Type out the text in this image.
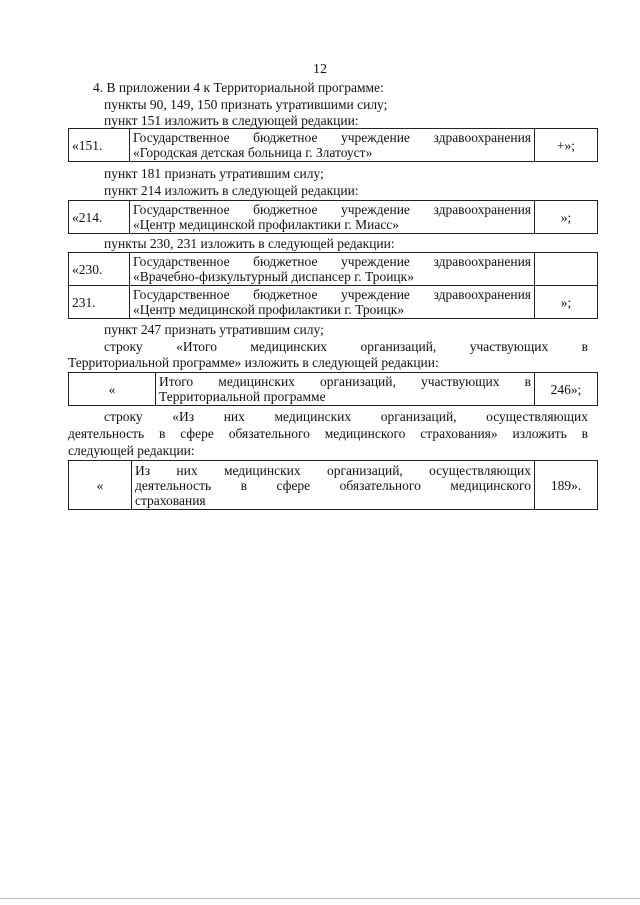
12
4. В приложении 4 к Территориальной программе:
пункты 90, 149, 150 признать утратившими силу;
пункт 151 изложить в следующей редакции:
«151.	Государственное бюджетное учреждение здравоохранения
«Городская детская больница г. Златоуст»	+»;
пункт 181 признать утратившим силу;
пункт 214 изложить в следующей редакции:
«214.	Государственное бюджетное учреждение здравоохранения
«Центр медицинской профилактики г. Миасс»	»;
пункты 230, 231 изложить в следующей редакции:
«230.	Государственное бюджетное учреждение здравоохранения
«Врачебно-физкультурный диспансер г. Троицк»	
231.	Государственное бюджетное учреждение здравоохранения
«Центр медицинской профилактики г. Троицк»	»;
пункт 247 признать утратившим силу;
строку «Итого медицинских организаций, участвующих в
Территориальной программе» изложить в следующей редакции:
«	Итого медицинских организаций, участвующих в
Территориальной программе	246»;
строку «Из них медицинских организаций, осуществляющих
деятельность в сфере обязательного медицинского страхования» изложить в
следующей редакции:
«	
Из них медицинских организаций, осуществляющих
деятельность в сфере обязательного медицинского
страхования	189».
